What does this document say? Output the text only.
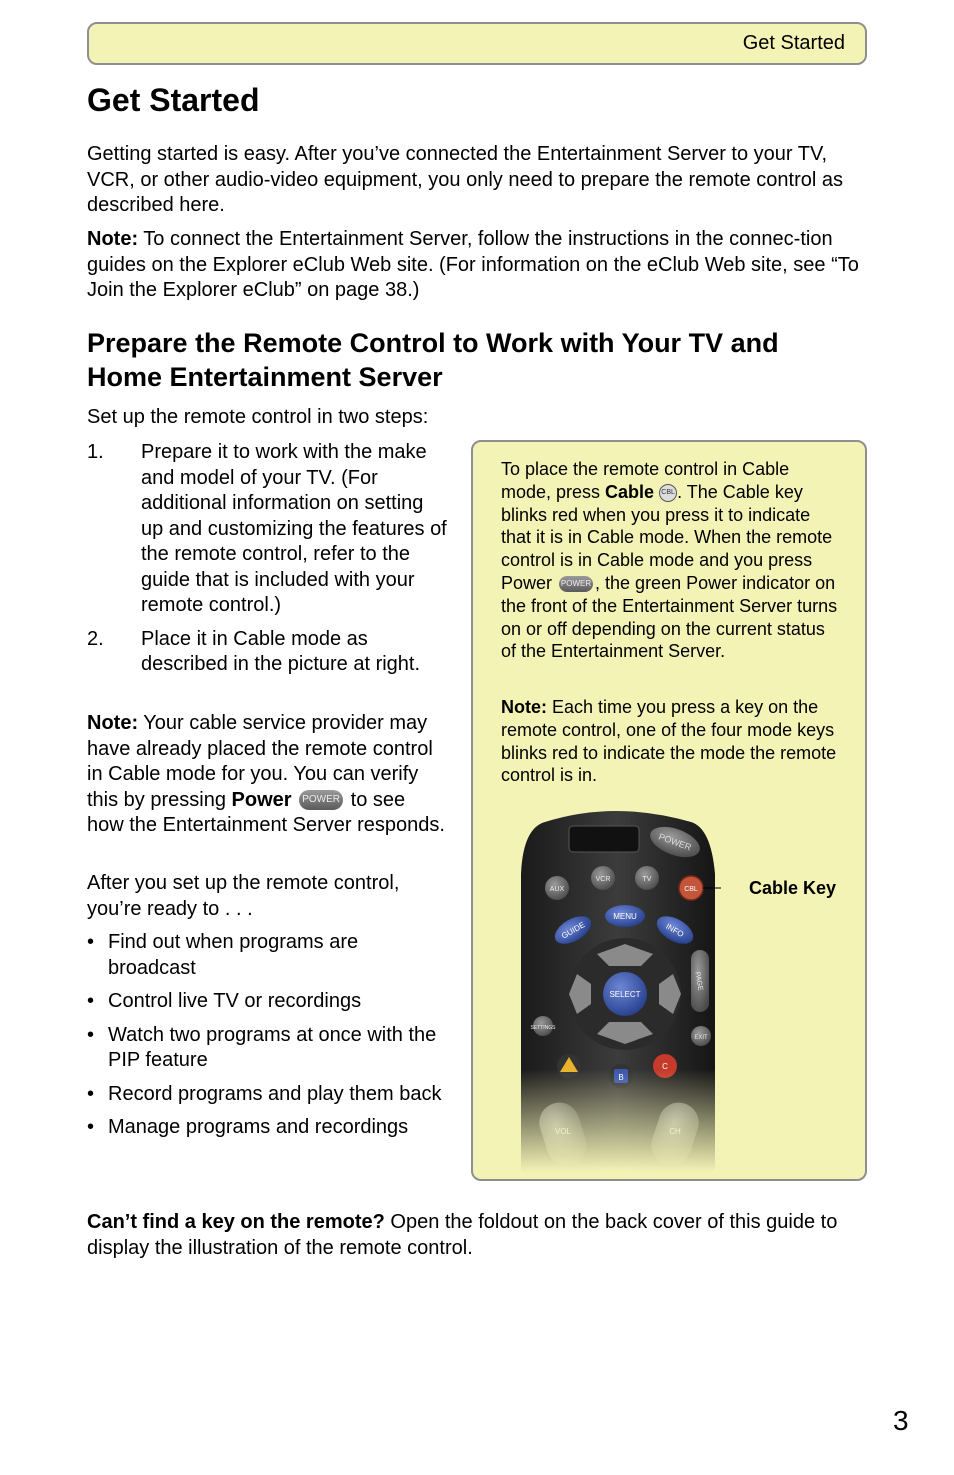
Get Started
Get Started

Getting started is easy. After you’ve connected the Entertainment Server to your TV, VCR, or other audio-video equipment, you only need to prepare the remote control as described here.

Note: To connect the Entertainment Server, follow the instructions in the connec-tion guides on the Explorer eClub Web site. (For information on the eClub Web site, see “To Join the Explorer eClub” on page 38.)

Prepare the Remote Control to Work with Your TV and Home Entertainment Server

Set up the remote control in two steps:

1. Prepare it to work with the make and model of your TV. (For additional information on setting up and customizing the features of the remote control, refer to the guide that is included with your remote control.)
2. Place it in Cable mode as described in the picture at right.

Note: Your cable service provider may have already placed the remote control in Cable mode for you. You can verify this by pressing Power POWER to see how the Entertainment Server responds.

After you set up the remote control, you’re ready to . . .

• Find out when programs are broadcast
• Control live TV or recordings
• Watch two programs at once with the PIP feature
• Record programs and play them back
• Manage programs and recordings

To place the remote control in Cable mode, press Cable CBL . The Cable key blinks red when you press it to indicate that it is in Cable mode. When the remote control is in Cable mode and you press Power POWER , the green Power indicator on the front of the Entertainment Server turns on or off depending on the current status of the Entertainment Server.

Note: Each time you press a key on the remote control, one of the four mode keys blinks red to indicate the mode the remote control is in.

Cable Key

Can’t find a key on the remote? Open the foldout on the back cover of this guide to display the illustration of the remote control.

3
